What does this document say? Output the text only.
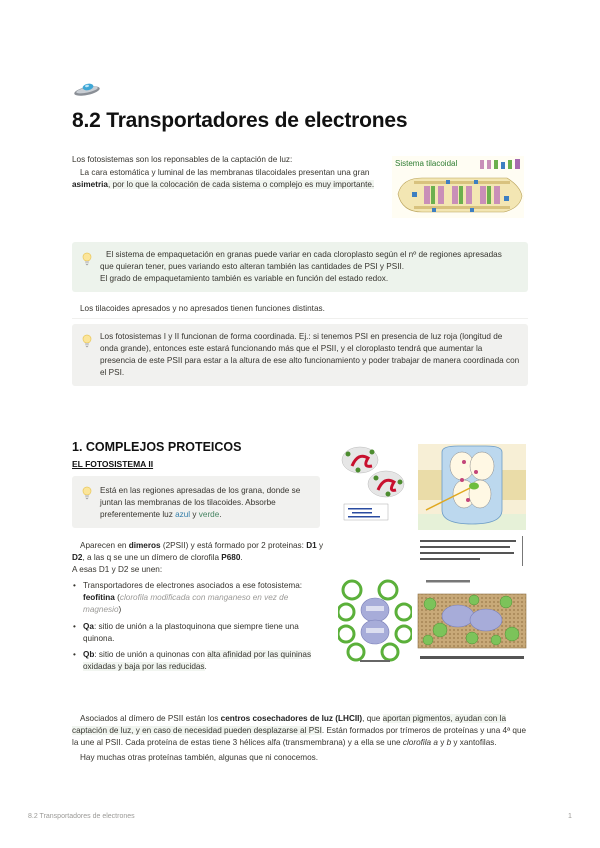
8.2 Transportadores de electrones
Los fotosistemas son los reponsables de la captación de luz:
La cara estomática y luminal de las membranas tilacoidales presentan una gran asimetria, por lo que la colocación de cada sistema o complejo es muy importante.
Sistema tilacoidal
El sistema de empaquetación en granas puede variar en cada cloroplasto según el nº de regiones apresadas
que quieran tener, pues variando esto alteran también las cantidades de PSI y PSII.
El grado de empaquetamiento también es variable en función del estado redox.
Los tilacoides apresados y no apresados tienen funciones distintas.
Los fotosistemas I y II funcionan de forma coordinada. Ej.: si tenemos PSI en presencia de luz roja (longitud de onda grande), entonces este estará funcionando más que el PSII, y el cloroplasto tendrá que aumentar la presencia de este PSII para estar a la altura de ese alto funcionamiento y poder trabajar de manera coordinada con el PSI.
1. COMPLEJOS PROTEICOS
EL FOTOSISTEMA II
Está en las regiones apresadas de los grana, donde se juntan las membranas de los tilacoides. Absorbe preferentemente luz azul y verde.
Aparecen en dimeros (2PSII) y está formado por 2 proteinas: D1 y D2, a las q se une un dímero de clorofila P680.
A esas D1 y D2 se unen:
• Transportadores de electrones asociados a ese fotosistema: feofitina (clorofila modificada con manganeso en vez de magnesio)
• Qa: sitio de unión a la plastoquinona que siempre tiene una quinona.
• Qb: sitio de unión a quinonas con alta afinidad por las quininas oxidadas y baja por las reducidas.
Asociados al dímero de PSII están los centros cosechadores de luz (LHCII), que aportan pigmentos, ayudan con la captación de luz, y en caso de necesidad pueden desplazarse al PSI. Están formados por trímeros de proteínas y una 4ª que la une al PSII. Cada proteína de estas tiene 3 hélices alfa (transmembrana) y a ella se une clorofila a y b y xantofilas.
Hay muchas otras proteínas también, algunas que ni conocemos.
8.2 Transportadores de electrones	1
